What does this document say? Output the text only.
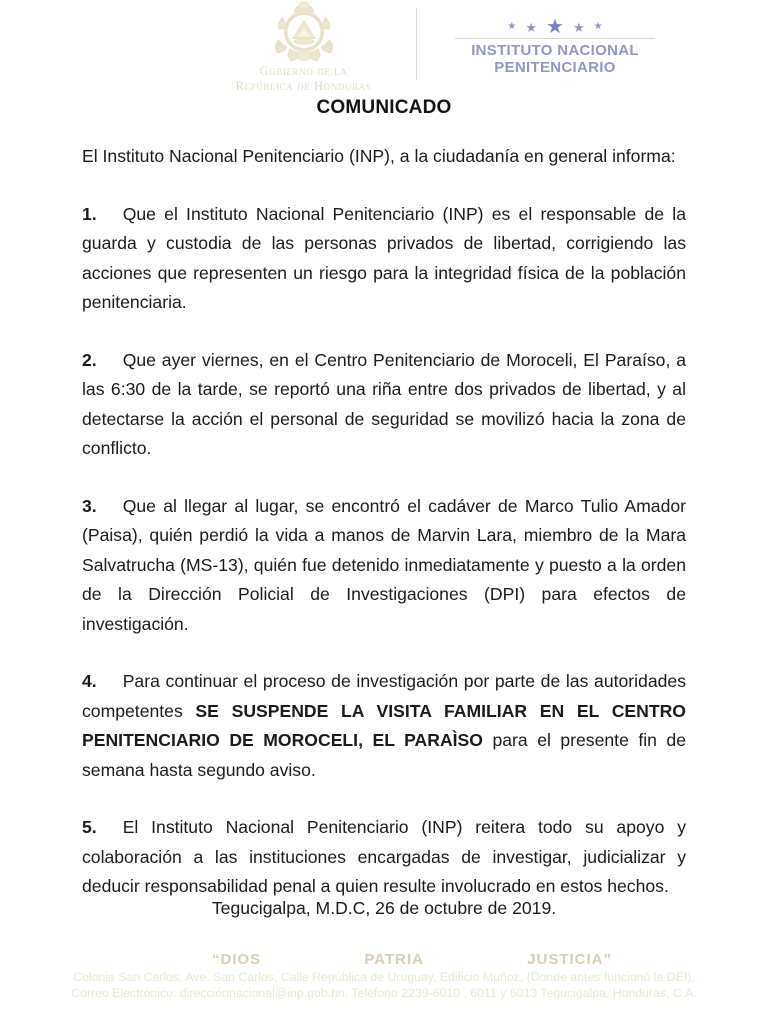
Gobierno de la
República de Honduras
★ ★ ★ ★ ★
INSTITUTO NACIONAL
PENITENCIARIO
COMUNICADO

El Instituto Nacional Penitenciario (INP), a la ciudadanía en general informa:

1. Que el Instituto Nacional Penitenciario (INP) es el responsable de la guarda y custodia de las personas privados de libertad, corrigiendo las acciones que representen un riesgo para la integridad física de la población penitenciaria.

2. Que ayer viernes, en el Centro Penitenciario de Moroceli, El Paraíso, a las 6:30 de la tarde, se reportó una riña entre dos privados de libertad, y al detectarse la acción el personal de seguridad se movilizó hacia la zona de conflicto.

3. Que al llegar al lugar, se encontró el cadáver de Marco Tulio Amador (Paisa), quién perdió la vida a manos de Marvin Lara, miembro de la Mara Salvatrucha (MS-13), quién fue detenido inmediatamente y puesto a la orden de la Dirección Policial de Investigaciones (DPI) para efectos de investigación.

4. Para continuar el proceso de investigación por parte de las autoridades competentes SE SUSPENDE LA VISITA FAMILIAR EN EL CENTRO PENITENCIARIO DE MOROCELI, EL PARAÌSO para el presente fin de semana hasta segundo aviso.

5. El Instituto Nacional Penitenciario (INP) reitera todo su apoyo y colaboración a las instituciones encargadas de investigar, judicializar y deducir responsabilidad penal a quien resulte involucrado en estos hechos.

Tegucigalpa, M.D.C, 26 de octubre de 2019.
“DIOS	PATRIA	JUSTICIA”
Colonia San Carlos, Ave. San Carlos, Calle República de Uruguay, Edificio Muñoz, (Donde antes funcionó la DEI),
Correo Electrónico: direcciónnacional@inp.gob.hn, Teléfono 2239-6010 , 6011 y 6013 Tegucigalpa, Honduras, C.A.
